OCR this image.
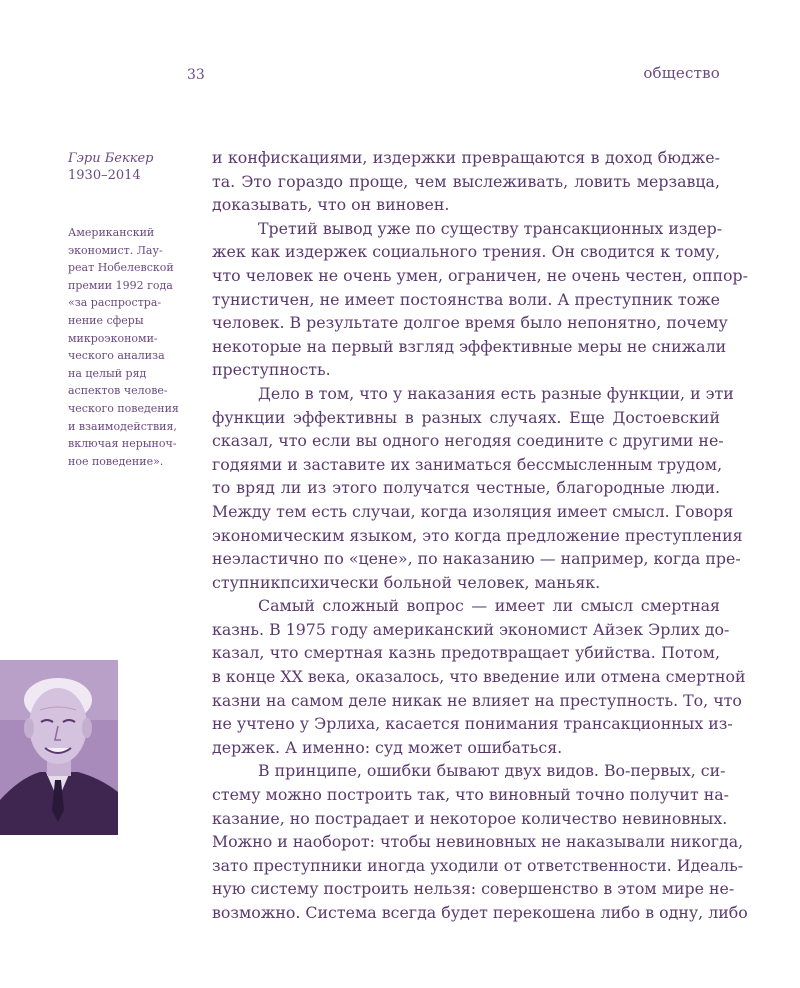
33	общество
Гэри Беккер
1930–2014
Американский
экономист. Лау-
реат Нобелевской
премии 1992 года
«за распростра-
нение сферы
микроэкономи-
ческого анализа
на целый ряд
аспектов челове-
ческого поведения
и взаимодействия,
включая нерыноч-
ное поведение».
и конфискациями, издержки превращаются в доход бюдже-
та. Это гораздо проще, чем выслеживать, ловить мерзавца,
доказывать, что он виновен.
Третий вывод уже по существу трансакционных издер-
жек как издержек социального трения. Он сводится к тому,
что человек не очень умен, ограничен, не очень честен, оппор-
тунистичен, не имеет постоянства воли. А преступник тоже
человек. В результате долгое время было непонятно, почему
некоторые на первый взгляд эффективные меры не снижали
преступность.
Дело в том, что у наказания есть разные функции, и эти
функции эффективны в разных случаях. Еще Достоевский
сказал, что если вы одного негодяя соедините с другими не-
годяями и заставите их заниматься бессмысленным трудом,
то вряд ли из этого получатся честные, благородные люди.
Между тем есть случаи, когда изоляция имеет смысл. Говоря
экономическим языком, это когда предложение преступления
неэластично по «цене», по наказанию — например, когда пре-
ступникпсихически больной человек, маньяк.
Самый сложный вопрос — имеет ли смысл смертная
казнь. В 1975 году американский экономист Айзек Эрлих до-
казал, что смертная казнь предотвращает убийства. Потом,
в конце XX века, оказалось, что введение или отмена смертной
казни на самом деле никак не влияет на преступность. То, что
не учтено у Эрлиха, касается понимания трансакционных из-
держек. А именно: суд может ошибаться.
В принципе, ошибки бывают двух видов. Во-первых, си-
стему можно построить так, что виновный точно получит на-
казание, но пострадает и некоторое количество невиновных.
Можно и наоборот: чтобы невиновных не наказывали никогда,
зато преступники иногда уходили от ответственности. Идеаль-
ную систему построить нельзя: совершенство в этом мире не-
возможно. Система всегда будет перекошена либо в одну, либо
